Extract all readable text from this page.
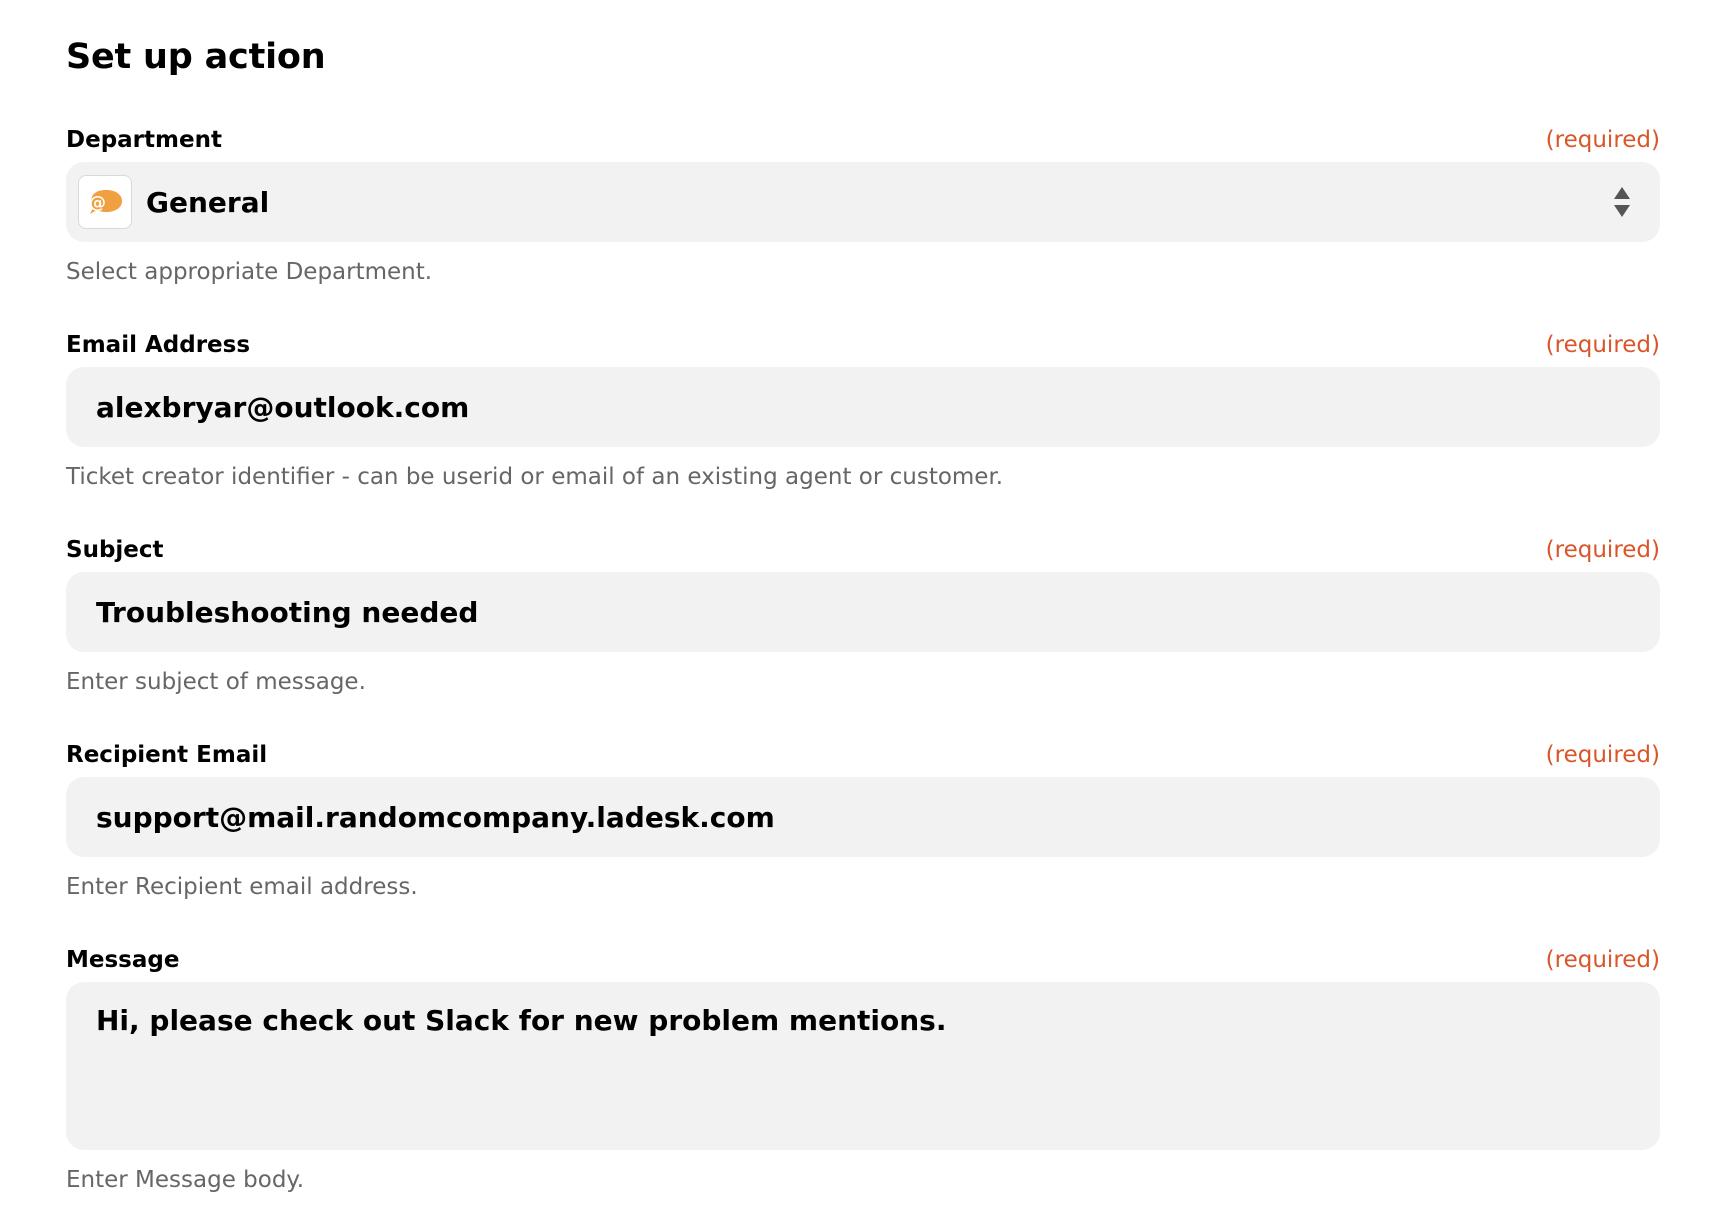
Set up action
Department	(required)
@ General
Select appropriate Department.
Email Address	(required)
alexbryar@outlook.com
Ticket creator identifier - can be userid or email of an existing agent or customer.
Subject	(required)
Troubleshooting needed
Enter subject of message.
Recipient Email	(required)
support@mail.randomcompany.ladesk.com
Enter Recipient email address.
Message	(required)
Hi, please check out Slack for new problem mentions.
Enter Message body.
